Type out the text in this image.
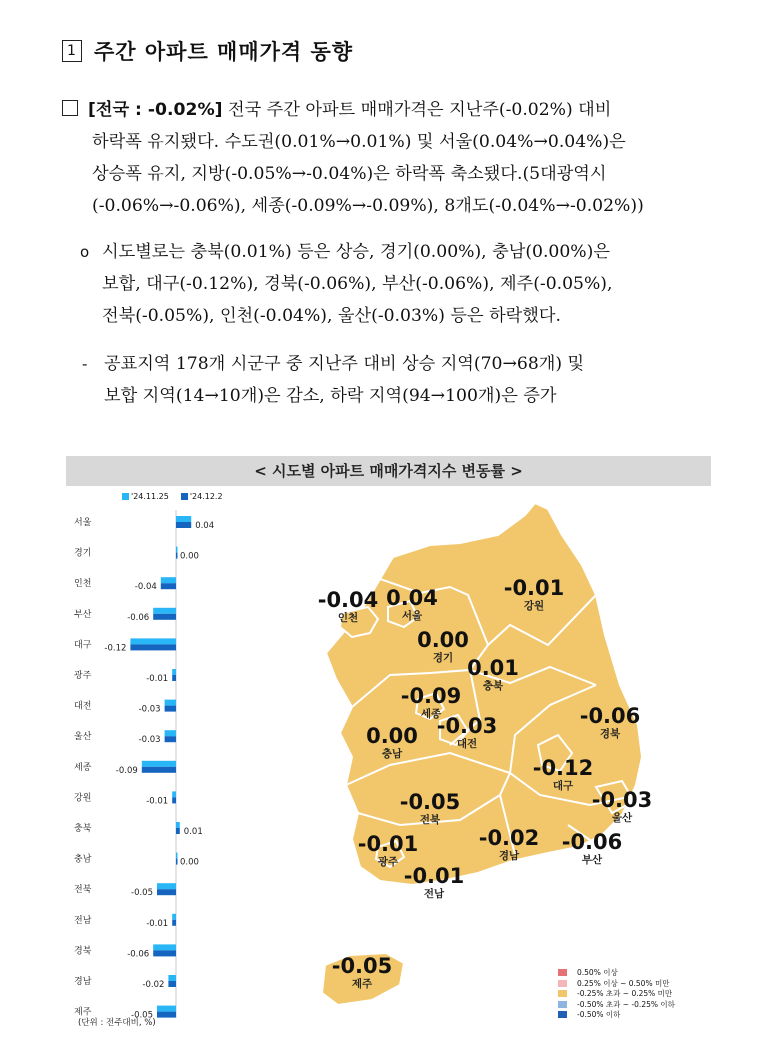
1 주간 아파트 매매가격 동향
[전국 : -0.02%] 전국 주간 아파트 매매가격은 지난주(-0.02%) 대비
하락폭 유지됐다. 수도권(0.01%→0.01%) 및 서울(0.04%→0.04%)은
상승폭 유지, 지방(-0.05%→-0.04%)은 하락폭 축소됐다.(5대광역시
(-0.06%→-0.06%), 세종(-0.09%→-0.09%), 8개도(-0.04%→-0.02%))
o 시도별로는 충북(0.01%) 등은 상승, 경기(0.00%), 충남(0.00%)은
보합, 대구(-0.12%), 경북(-0.06%), 부산(-0.06%), 제주(-0.05%),
전북(-0.05%), 인천(-0.04%), 울산(-0.03%) 등은 하락했다.
- 공표지역 178개 시군구 중 지난주 대비 상승 지역(70→68개) 및
보합 지역(14→10개)은 감소, 하락 지역(94→100개)은 증가
< 시도별 아파트 매매가격지수 변동률 >
'24.11.25	'24.12.2
서울	0.04
경기	0.00
인천	-0.04
부산	-0.06
대구 -0.12
광주	-0.01
대전	-0.03
울산	-0.03
세종	-0.09
강원	-0.01
충북	0.01
충남	0.00
전북	-0.05
전남	-0.01
경북	-0.06
경남	-0.02
제주	-0.05
(단위 : 전주대비, %)
-0.04
인천
0.04
서울
-0.01
강원
0.00
경기 0.01
충북
-0.09
세종
-0.03
대전
0.00
충남
-0.06
경북
-0.12
대구
-0.03
울산
-0.05
전북
-0.01
광주
-0.02
경남
-0.06
부산
-0.01
전남
-0.05
제주
0.50% 이상
0.25% 이상 ~ 0.50% 미만
-0.25% 초과 ~ 0.25% 미만
-0.50% 초과 ~ -0.25% 이하
-0.50% 이하
